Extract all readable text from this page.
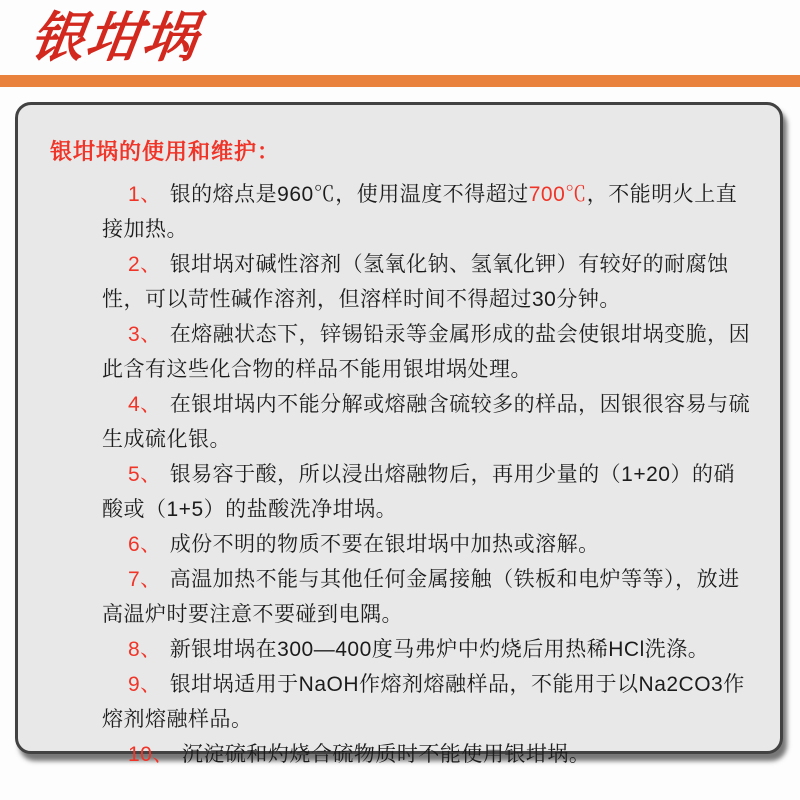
银坩埚
银坩埚的使用和维护：

1、 银的熔点是960℃，使用温度不得超过700℃，不能明火上直接加热。

2、 银坩埚对碱性溶剂（氢氧化钠、氢氧化钾）有较好的耐腐蚀性，可以苛性碱作溶剂，但溶样时间不得超过30分钟。

3、 在熔融状态下，锌锡铅汞等金属形成的盐会使银坩埚变脆，因此含有这些化合物的样品不能用银坩埚处理。

4、 在银坩埚内不能分解或熔融含硫较多的样品，因银很容易与硫生成硫化银。

5、 银易容于酸，所以浸出熔融物后，再用少量的（1+20）的硝酸或（1+5）的盐酸洗净坩埚。

6、 成份不明的物质不要在银坩埚中加热或溶解。

7、 高温加热不能与其他任何金属接触（铁板和电炉等等），放进高温炉时要注意不要碰到电隅。

8、 新银坩埚在300—400度马弗炉中灼烧后用热稀HCl洗涤。

9、 银坩埚适用于NaOH作熔剂熔融样品，不能用于以Na2CO3作熔剂熔融样品。

10、 沉淀硫和灼烧合硫物质时不能使用银坩埚。
